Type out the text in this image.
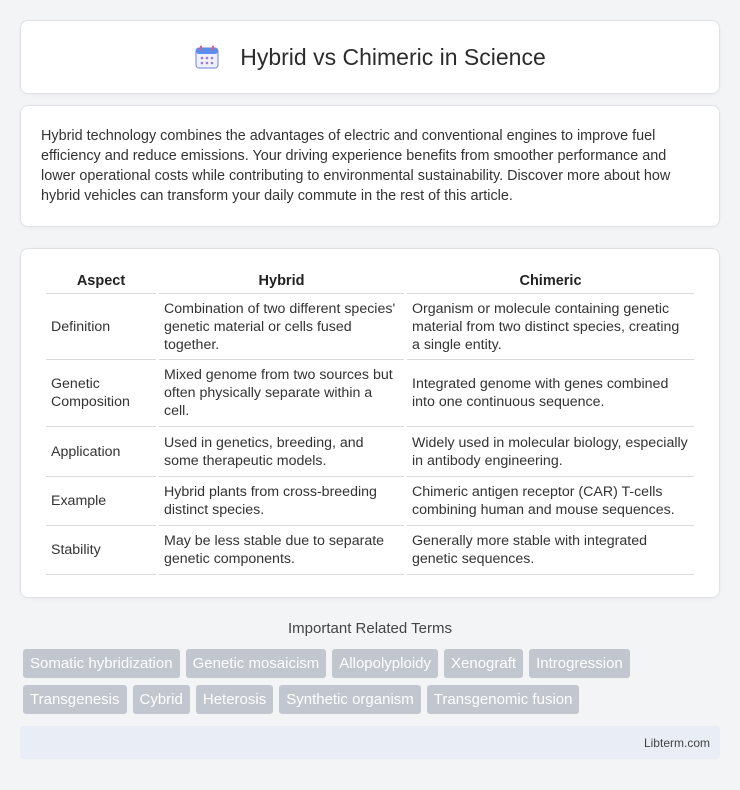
Hybrid vs Chimeric in Science

Hybrid technology combines the advantages of electric and conventional engines to improve fuel efficiency and reduce emissions. Your driving experience benefits from smoother performance and lower operational costs while contributing to environmental sustainability. Discover more about how hybrid vehicles can transform your daily commute in the rest of this article.

Aspect	Hybrid	Chimeric
Definition	Combination of two different species' genetic material or cells fused together.	Organism or molecule containing genetic material from two distinct species, creating a single entity.
Genetic Composition	Mixed genome from two sources but often physically separate within a cell.	Integrated genome with genes combined into one continuous sequence.
Application	Used in genetics, breeding, and some therapeutic models.	Widely used in molecular biology, especially in antibody engineering.
Example	Hybrid plants from cross-breeding distinct species.	Chimeric antigen receptor (CAR) T-cells combining human and mouse sequences.
Stability	May be less stable due to separate genetic components.	Generally more stable with integrated genetic sequences.
Important Related Terms
Somatic hybridization	Genetic mosaicism	Allopolyploidy	Xenograft	Introgression
Transgenesis	Cybrid	Heterosis	Synthetic organism	Transgenomic fusion
Libterm.com
